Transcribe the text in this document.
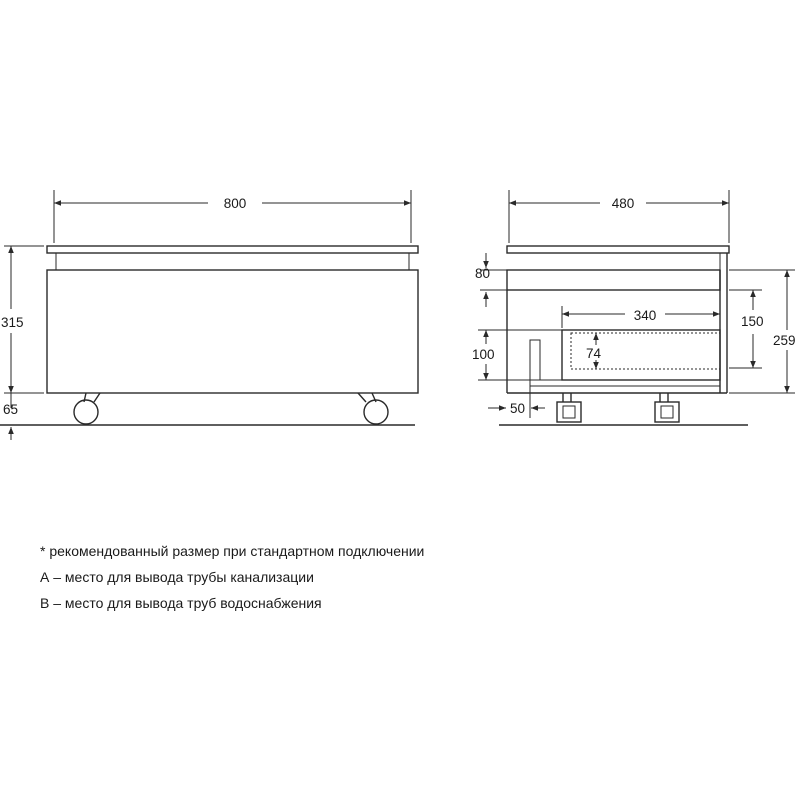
800
315
65
480
80
340	150
259
100	74
50
* рекомендованный размер при стандартном подключении
А – место для вывода трубы канализации
В – место для вывода труб водоснабжения
